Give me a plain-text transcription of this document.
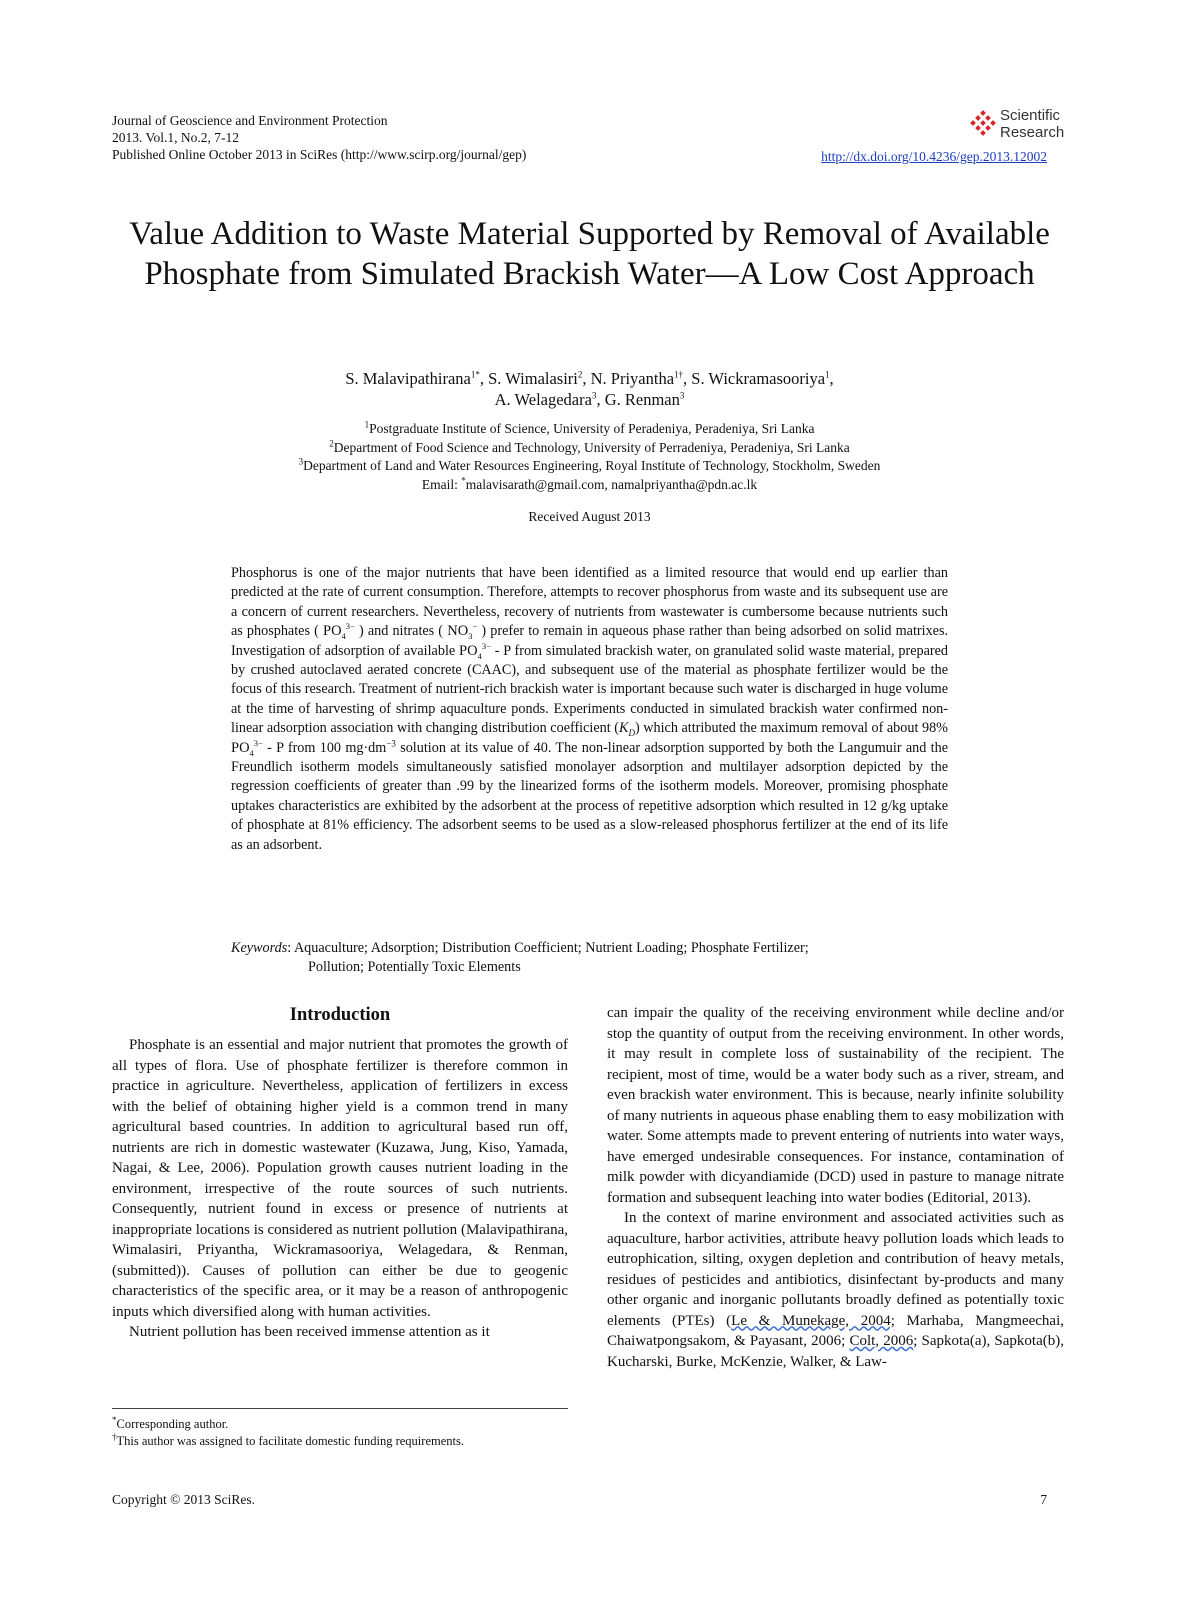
Journal of Geoscience and Environment Protection
2013. Vol.1, No.2, 7-12
Published Online October 2013 in SciRes (http://www.scirp.org/journal/gep)
Scientific
Research
http://dx.doi.org/10.4236/gep.2013.12002
Value Addition to Waste Material Supported by Removal of Available Phosphate from Simulated Brackish Water—A Low Cost Approach
S. Malavipathirana$^{1*}$, S. Wimalasiri$^2$, N. Priyantha$^{1\dagger}$, S. Wickramasooriya$^1$,
A. Welagedara$^3$, G. Renman$^3$
$^1$Postgraduate Institute of Science, University of Peradeniya, Peradeniya, Sri Lanka
$^2$Department of Food Science and Technology, University of Perradeniya, Peradeniya, Sri Lanka
$^3$Department of Land and Water Resources Engineering, Royal Institute of Technology, Stockholm, Sweden
Email: *malavisarath@gmail.com, namalpriyantha@pdn.ac.lk
Received August 2013

Phosphorus is one of the major nutrients that have been identified as a limited resource that would end up earlier than predicted at the rate of current consumption. Therefore, attempts to recover phosphorus from waste and its subsequent use are a concern of current researchers. Nevertheless, recovery of nutrients from wastewater is cumbersome because nutrients such as phosphates ( $PO_4^{3-}$ ) and nitrates ( $NO_3^-$ ) prefer to remain in aqueous phase rather than being adsorbed on solid matrixes. Investigation of adsorption of available $PO_4^{3-}$ - P from simulated brackish water, on granulated solid waste material, prepared by crushed autoclaved aerated concrete (CAAC), and subsequent use of the material as phosphate fertilizer would be the focus of this research. Treatment of nutrient-rich brackish water is important because such water is discharged in huge volume at the time of harvesting of shrimp aquaculture ponds. Experiments conducted in simulated brackish water confirmed non-linear adsorption association with changing distribution coefficient $(K_D)$ which attributed the maximum removal of about 98% $PO_4^{3-}$ - P from 100 $mg\cdot dm^{-3}$ solution at its value of 40. The non-linear adsorption supported by both the Langumuir and the Freundlich isotherm models simultaneously satisfied monolayer adsorption and multilayer adsorption depicted by the regression coefficients of greater than .99 by the linearized forms of the isotherm models. Moreover, promising phosphate uptakes characteristics are exhibited by the adsorbent at the process of repetitive adsorption which resulted in 12 g/kg uptake of phosphate at 81% efficiency. The adsorbent seems to be used as a slow-released phosphorus fertilizer at the end of its life as an adsorbent.

Keywords: Aquaculture; Adsorption; Distribution Coefficient; Nutrient Loading; Phosphate Fertilizer;
Pollution; Potentially Toxic Elements
Introduction

Phosphate is an essential and major nutrient that promotes the growth of all types of flora. Use of phosphate fertilizer is therefore common in practice in agriculture. Nevertheless, application of fertilizers in excess with the belief of obtaining higher yield is a common trend in many agricultural based countries. In addition to agricultural based run off, nutrients are rich in domestic wastewater (Kuzawa, Jung, Kiso, Yamada, Nagai, & Lee, 2006). Population growth causes nutrient loading in the environment, irrespective of the route sources of such nutrients. Consequently, nutrient found in excess or presence of nutrients at inappropriate locations is considered as nutrient pollution (Malavipathirana, Wimalasiri, Priyantha, Wickramasooriya, Welagedara, & Renman, (submitted)). Causes of pollution can either be due to geogenic characteristics of the specific area, or it may be a reason of anthropogenic inputs which diversified along with human activities.

Nutrient pollution has been received immense attention as it

can impair the quality of the receiving environment while decline and/or stop the quantity of output from the receiving environment. In other words, it may result in complete loss of sustainability of the recipient. The recipient, most of time, would be a water body such as a river, stream, and even brackish water environment. This is because, nearly infinite solubility of many nutrients in aqueous phase enabling them to easy mobilization with water. Some attempts made to prevent entering of nutrients into water ways, have emerged undesirable consequences. For instance, contamination of milk powder with dicyandiamide (DCD) used in pasture to manage nitrate formation and subsequent leaching into water bodies (Editorial, 2013).

In the context of marine environment and associated activities such as aquaculture, harbor activities, attribute heavy pollution loads which leads to eutrophication, silting, oxygen depletion and contribution of heavy metals, residues of pesticides and antibiotics, disinfectant by-products and many other organic and inorganic pollutants broadly defined as potentially toxic elements (PTEs) (Le & Munekage, 2004; Marhaba, Mangmeechai, Chaiwatpongsakom, & Payasant, 2006; Colt, 2006; Sapkota(a), Sapkota(b), Kucharski, Burke, McKenzie, Walker, & Law-

*Corresponding author.
†This author was assigned to facilitate domestic funding requirements.
Copyright © 2013 SciRes.	7
